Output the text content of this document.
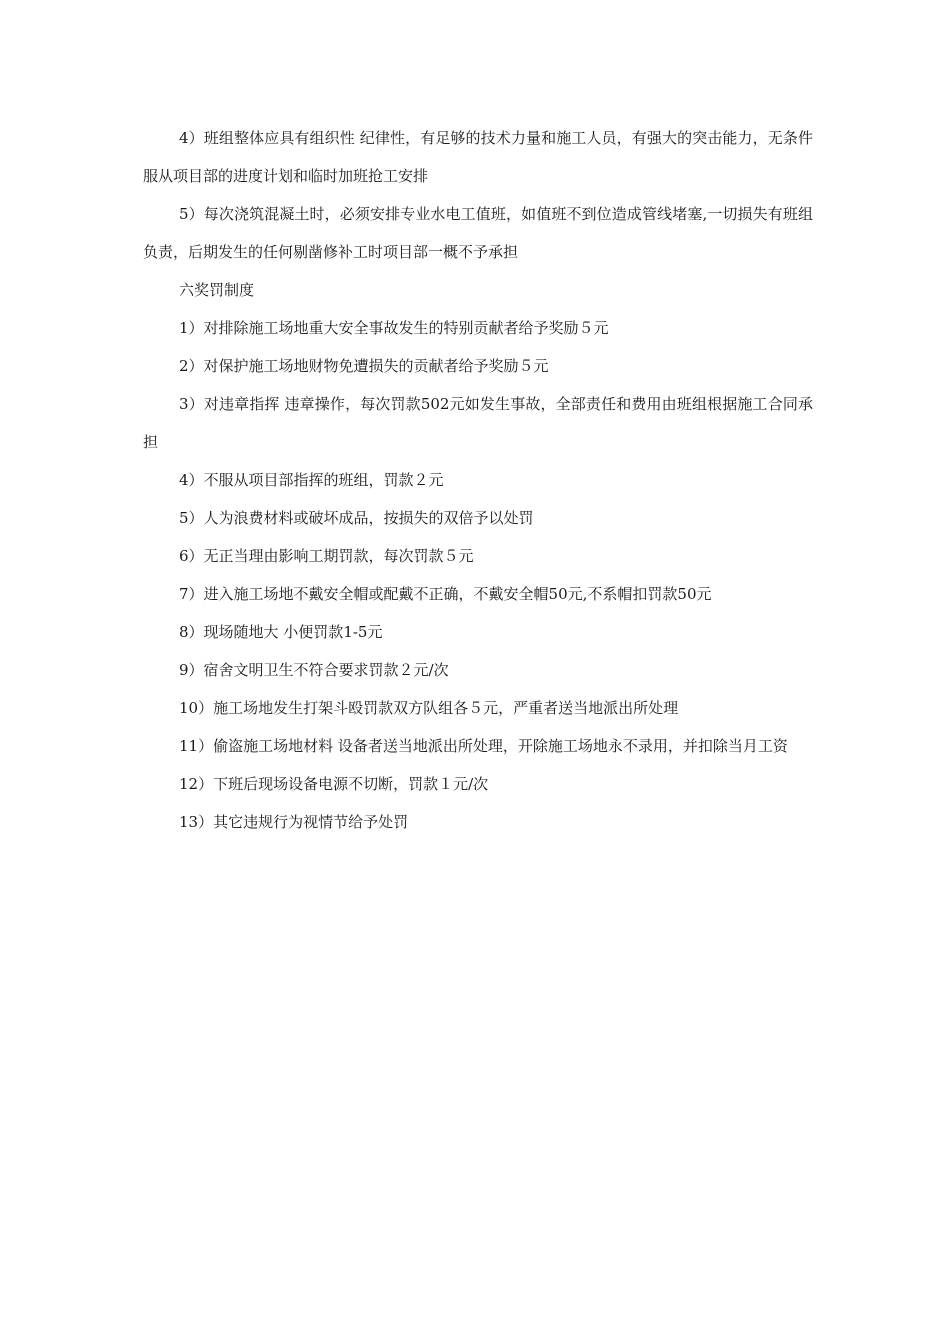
4）班组整体应具有组织性 纪律性，有足够的技术力量和施工人员，有强大的突击能力，无条件服从项目部的进度计划和临时加班抢工安排

5）每次浇筑混凝土时，必须安排专业水电工值班，如值班不到位造成管线堵塞,一切损失有班组负责，后期发生的任何剔凿修补工时项目部一概不予承担

六奖罚制度

1）对排除施工场地重大安全事故发生的特别贡献者给予奖励５元

2）对保护施工场地财物免遭损失的贡献者给予奖励５元

3）对违章指挥 违章操作，每次罚款502元如发生事故，全部责任和费用由班组根据施工合同承担

4）不服从项目部指挥的班组，罚款２元

5）人为浪费材料或破坏成品，按损失的双倍予以处罚

6）无正当理由影响工期罚款，每次罚款５元

7）进入施工场地不戴安全帽或配戴不正确，不戴安全帽50元,不系帽扣罚款50元

8）现场随地大 小便罚款1-5元

9）宿舍文明卫生不符合要求罚款２元/次

10）施工场地发生打架斗殴罚款双方队组各５元，严重者送当地派出所处理

11）偷盗施工场地材料 设备者送当地派出所处理，开除施工场地永不录用，并扣除当月工资

12）下班后现场设备电源不切断，罚款１元/次

13）其它违规行为视情节给予处罚
